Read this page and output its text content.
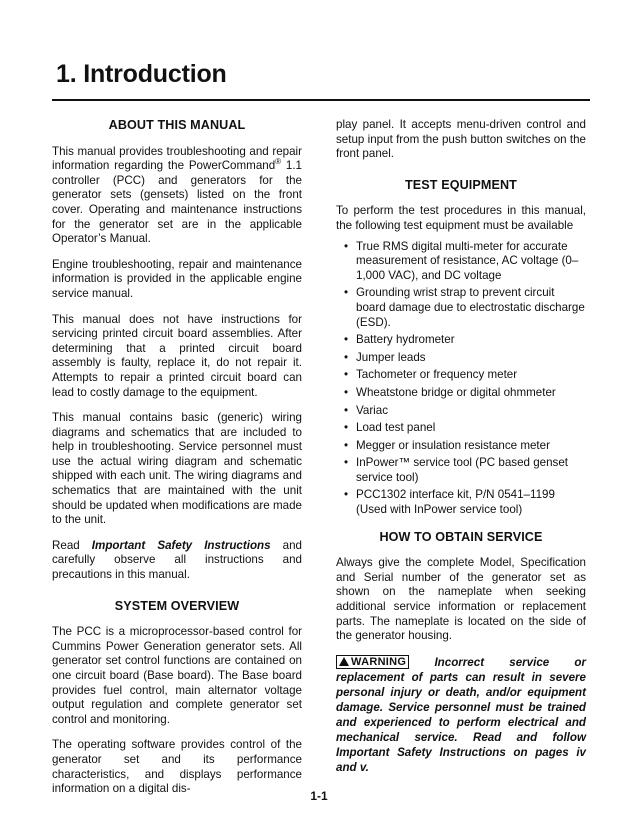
1. Introduction
ABOUT THIS MANUAL

This manual provides troubleshooting and repair information regarding the PowerCommand® 1.1 controller (PCC) and generators for the generator sets (gensets) listed on the front cover. Operating and maintenance instructions for the generator set are in the applicable Operator’s Manual.

Engine troubleshooting, repair and maintenance information is provided in the applicable engine service manual.

This manual does not have instructions for servicing printed circuit board assemblies. After determining that a printed circuit board assembly is faulty, replace it, do not repair it. Attempts to repair a printed circuit board can lead to costly damage to the equipment.

This manual contains basic (generic) wiring diagrams and schematics that are included to help in troubleshooting. Service personnel must use the actual wiring diagram and schematic shipped with each unit. The wiring diagrams and schematics that are maintained with the unit should be updated when modifications are made to the unit.

Read Important Safety Instructions and carefully observe all instructions and precautions in this manual.

SYSTEM OVERVIEW

The PCC is a microprocessor-based control for Cummins Power Generation generator sets. All generator set control functions are contained on one circuit board (Base board). The Base board provides fuel control, main alternator voltage output regulation and complete generator set control and monitoring.

The operating software provides control of the generator set and its performance characteristics, and displays performance information on a digital dis-

play panel. It accepts menu-driven control and setup input from the push button switches on the front panel.

TEST EQUIPMENT

To perform the test procedures in this manual, the following test equipment must be available

• True RMS digital multi-meter for accurate measurement of resistance, AC voltage (0–1,000 VAC), and DC voltage
• Grounding wrist strap to prevent circuit board damage due to electrostatic discharge (ESD).
• Battery hydrometer
• Jumper leads
• Tachometer or frequency meter
• Wheatstone bridge or digital ohmmeter
• Variac
• Load test panel
• Megger or insulation resistance meter
• InPower™ service tool (PC based genset service tool)
• PCC1302 interface kit, P/N 0541–1199 (Used with InPower service tool)
HOW TO OBTAIN SERVICE

Always give the complete Model, Specification and Serial number of the generator set as shown on the nameplate when seeking additional service information or replacement parts. The nameplate is located on the side of the generator housing.

WARNING Incorrect service or replacement of parts can result in severe personal injury or death, and/or equipment damage. Service personnel must be trained and experienced to perform electrical and mechanical service. Read and follow Important Safety Instructions on pages iv and v.

1-1
